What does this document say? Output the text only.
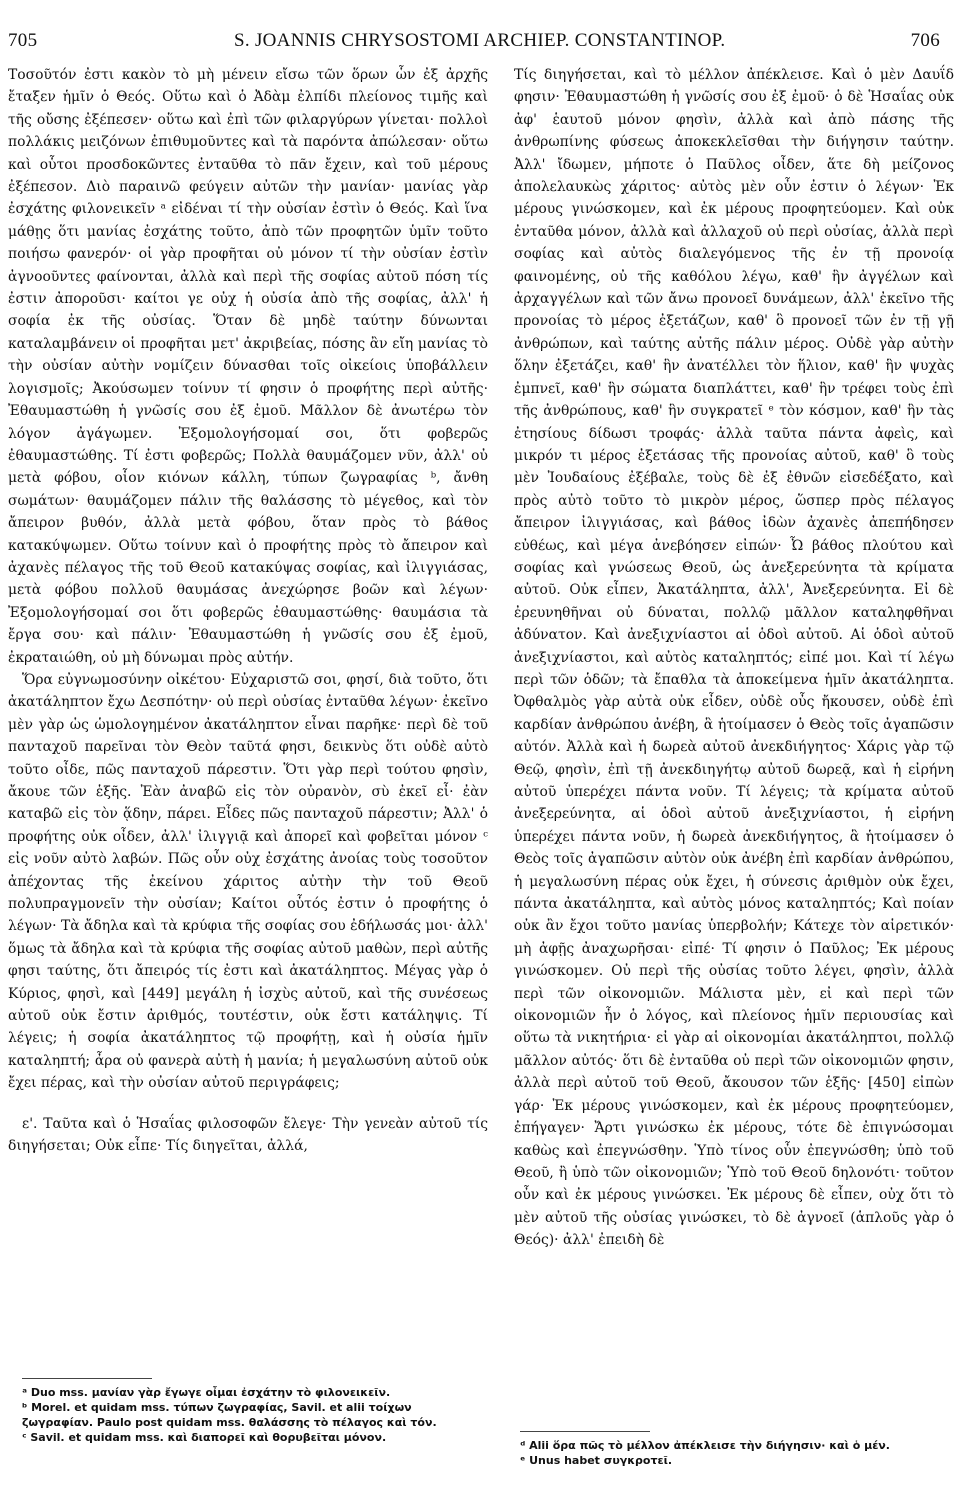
705	S. JOANNIS CHRYSOSTOMI ARCHIEP. CONSTANTINOP.	706

Τοσοῦτόν ἐστι κακὸν τὸ μὴ μένειν εἴσω τῶν ὅρων ὧν ἐξ ἀρχῆς ἔταξεν ἡμῖν ὁ Θεός. Οὕτω καὶ ὁ Ἀδὰμ ἐλπίδι πλείονος τιμῆς καὶ τῆς οὔσης ἐξέπεσεν· οὕτω καὶ ἐπὶ τῶν φιλαργύρων γίνεται· πολλοὶ πολλάκις μειζόνων ἐπιθυμοῦντες καὶ τὰ παρόντα ἀπώλεσαν· οὕτω καὶ οὗτοι προσδοκῶντες ἐνταῦθα τὸ πᾶν ἔχειν, καὶ τοῦ μέρους ἐξέπεσον. Διὸ παραινῶ φεύγειν αὐτῶν τὴν μανίαν· μανίας γὰρ ἐσχάτης φιλονεικεῖν ᵃ εἰδέναι τί τὴν οὐσίαν ἐστὶν ὁ Θεός. Καὶ ἵνα μάθῃς ὅτι μανίας ἐσχάτης τοῦτο, ἀπὸ τῶν προφητῶν ὑμῖν τοῦτο ποιήσω φανερόν· οἱ γὰρ προφῆται οὐ μόνον τί τὴν οὐσίαν ἐστὶν ἀγνοοῦντες φαίνονται, ἀλλὰ καὶ περὶ τῆς σοφίας αὐτοῦ πόση τίς ἐστιν ἀποροῦσι· καίτοι γε οὐχ ἡ οὐσία ἀπὸ τῆς σοφίας, ἀλλ' ἡ σοφία ἐκ τῆς οὐσίας. Ὅταν δὲ μηδὲ ταύτην δύνωνται καταλαμβάνειν οἱ προφῆται μετ' ἀκριβείας, πόσης ἂν εἴη μανίας τὸ τὴν οὐσίαν αὐτὴν νομίζειν δύνασθαι τοῖς οἰκείοις ὑποβάλλειν λογισμοῖς; Ἀκούσωμεν τοίνυν τί φησιν ὁ προφήτης περὶ αὐτῆς· Ἐθαυμαστώθη ἡ γνῶσίς σου ἐξ ἐμοῦ. Μᾶλλον δὲ ἀνωτέρω τὸν λόγον ἀγάγωμεν. Ἐξομολογήσομαί σοι, ὅτι φοβερῶς ἐθαυμαστώθης. Τί ἐστι φοβερῶς; Πολλὰ θαυμάζομεν νῦν, ἀλλ' οὐ μετὰ φόβου, οἷον κιόνων κάλλη, τύπων ζωγραφίας ᵇ, ἄνθη σωμάτων· θαυμάζομεν πάλιν τῆς θαλάσσης τὸ μέγεθος, καὶ τὸν ἄπειρον βυθόν, ἀλλὰ μετὰ φόβου, ὅταν πρὸς τὸ βάθος κατακύψωμεν. Οὕτω τοίνυν καὶ ὁ προφήτης πρὸς τὸ ἄπειρον καὶ ἀχανὲς πέλαγος τῆς τοῦ Θεοῦ κατακύψας σοφίας, καὶ ἰλιγγιάσας, μετὰ φόβου πολλοῦ θαυμάσας ἀνεχώρησε βοῶν καὶ λέγων· Ἐξομολογήσομαί σοι ὅτι φοβερῶς ἐθαυμαστώθης· θαυμάσια τὰ ἔργα σου· καὶ πάλιν· Ἐθαυμαστώθη ἡ γνῶσίς σου ἐξ ἐμοῦ, ἐκραταιώθη, οὐ μὴ δύνωμαι πρὸς αὐτήν.

Ὅρα εὐγνωμοσύνην οἰκέτου· Εὐχαριστῶ σοι, φησί, διὰ τοῦτο, ὅτι ἀκατάληπτον ἔχω Δεσπότην· οὐ περὶ οὐσίας ἐνταῦθα λέγων· ἐκεῖνο μὲν γὰρ ὡς ὡμολογημένον ἀκατάληπτον εἶναι παρῆκε· περὶ δὲ τοῦ πανταχοῦ παρεῖναι τὸν Θεὸν ταῦτά φησι, δεικνὺς ὅτι οὐδὲ αὐτὸ τοῦτο οἶδε, πῶς πανταχοῦ πάρεστιν. Ὅτι γὰρ περὶ τούτου φησὶν, ἄκουε τῶν ἑξῆς. Ἐὰν ἀναβῶ εἰς τὸν οὐρανὸν, σὺ ἐκεῖ εἶ· ἐὰν καταβῶ εἰς τὸν ᾅδην, πάρει. Εἶδες πῶς πανταχοῦ πάρεστιν; Ἀλλ' ὁ προφήτης οὐκ οἶδεν, ἀλλ' ἰλιγγιᾷ καὶ ἀπορεῖ καὶ φοβεῖται μόνον ᶜ εἰς νοῦν αὐτὸ λαβών. Πῶς οὖν οὐχ ἐσχάτης ἀνοίας τοὺς τοσοῦτον ἀπέχοντας τῆς ἐκείνου χάριτος αὐτὴν τὴν τοῦ Θεοῦ πολυπραγμονεῖν τὴν οὐσίαν; Καίτοι οὗτός ἐστιν ὁ προφήτης ὁ λέγων· Τὰ ἄδηλα καὶ τὰ κρύφια τῆς σοφίας σου ἐδήλωσάς μοι· ἀλλ' ὅμως τὰ ἄδηλα καὶ τὰ κρύφια τῆς σοφίας αὐτοῦ μαθὼν, περὶ αὐτῆς φησι ταύτης, ὅτι ἄπειρός τίς ἐστι καὶ ἀκατάληπτος. Μέγας γὰρ ὁ Κύριος, φησὶ, καὶ [449] μεγάλη ἡ ἰσχὺς αὐτοῦ, καὶ τῆς συνέσεως αὐτοῦ οὐκ ἔστιν ἀριθμός, τουτέστιν, οὐκ ἔστι κατάληψις. Τί λέγεις; ἡ σοφία ἀκατάληπτος τῷ προφήτῃ, καὶ ἡ οὐσία ἡμῖν καταληπτή; ἆρα οὐ φανερὰ αὐτὴ ἡ μανία; ἡ μεγαλωσύνη αὐτοῦ οὐκ ἔχει πέρας, καὶ τὴν οὐσίαν αὐτοῦ περιγράφεις;

ε'. Ταῦτα καὶ ὁ Ἡσαΐας φιλοσοφῶν ἔλεγε· Τὴν γενεὰν αὐτοῦ τίς διηγήσεται; Οὐκ εἶπε· Τίς διηγεῖται, ἀλλά,

Τίς διηγήσεται, καὶ τὸ μέλλον ἀπέκλεισε. Καὶ ὁ μὲν Δαυΐδ φησιν· Ἐθαυμαστώθη ἡ γνῶσίς σου ἐξ ἐμοῦ· ὁ δὲ Ἡσαΐας οὐκ ἀφ' ἑαυτοῦ μόνον φησὶν, ἀλλὰ καὶ ἀπὸ πάσης τῆς ἀνθρωπίνης φύσεως ἀποκεκλεῖσθαι τὴν διήγησιν ταύτην. Ἀλλ' ἴδωμεν, μήποτε ὁ Παῦλος οἶδεν, ἅτε δὴ μείζονος ἀπολελαυκὼς χάριτος· αὐτὸς μὲν οὖν ἐστιν ὁ λέγων· Ἐκ μέρους γινώσκομεν, καὶ ἐκ μέρους προφητεύομεν. Καὶ οὐκ ἐνταῦθα μόνον, ἀλλὰ καὶ ἀλλαχοῦ οὐ περὶ οὐσίας, ἀλλὰ περὶ σοφίας καὶ αὐτὸς διαλεγόμενος τῆς ἐν τῇ προνοίᾳ φαινομένης, οὐ τῆς καθόλου λέγω, καθ' ἣν ἀγγέλων καὶ ἀρχαγγέλων καὶ τῶν ἄνω προνοεῖ δυνάμεων, ἀλλ' ἐκεῖνο τῆς προνοίας τὸ μέρος ἐξετάζων, καθ' ὃ προνοεῖ τῶν ἐν τῇ γῇ ἀνθρώπων, καὶ ταύτης αὐτῆς πάλιν μέρος. Οὐδὲ γὰρ αὐτὴν ὅλην ἐξετάζει, καθ' ἣν ἀνατέλλει τὸν ἥλιον, καθ' ἣν ψυχὰς ἐμπνεῖ, καθ' ἣν σώματα διαπλάττει, καθ' ἣν τρέφει τοὺς ἐπὶ τῆς ἀνθρώπους, καθ' ἣν συγκρατεῖ ᵉ τὸν κόσμον, καθ' ἣν τὰς ἐτησίους δίδωσι τροφάς· ἀλλὰ ταῦτα πάντα ἀφεὶς, καὶ μικρόν τι μέρος ἐξετάσας τῆς προνοίας αὐτοῦ, καθ' ὃ τοὺς μὲν Ἰουδαίους ἐξέβαλε, τοὺς δὲ ἐξ ἐθνῶν εἰσεδέξατο, καὶ πρὸς αὐτὸ τοῦτο τὸ μικρὸν μέρος, ὥσπερ πρὸς πέλαγος ἄπειρον ἰλιγγιάσας, καὶ βάθος ἰδὼν ἀχανὲς ἀπεπήδησεν εὐθέως, καὶ μέγα ἀνεβόησεν εἰπών· Ὦ βάθος πλούτου καὶ σοφίας καὶ γνώσεως Θεοῦ, ὡς ἀνεξερεύνητα τὰ κρίματα αὐτοῦ. Οὐκ εἶπεν, Ἀκατάληπτα, ἀλλ', Ἀνεξερεύνητα. Εἰ δὲ ἐρευνηθῆναι οὐ δύναται, πολλῷ μᾶλλον καταληφθῆναι ἀδύνατον. Καὶ ἀνεξιχνίαστοι αἱ ὁδοὶ αὐτοῦ. Αἱ ὁδοὶ αὐτοῦ ἀνεξιχνίαστοι, καὶ αὐτὸς καταληπτός; εἰπέ μοι. Καὶ τί λέγω περὶ τῶν ὁδῶν; τὰ ἔπαθλα τὰ ἀποκείμενα ἡμῖν ἀκατάληπτα. Ὀφθαλμὸς γὰρ αὐτὰ οὐκ εἶδεν, οὐδὲ οὖς ἤκουσεν, οὐδὲ ἐπὶ καρδίαν ἀνθρώπου ἀνέβη, ἃ ἡτοίμασεν ὁ Θεὸς τοῖς ἀγαπῶσιν αὐτόν. Ἀλλὰ καὶ ἡ δωρεὰ αὐτοῦ ἀνεκδιήγητος· Χάρις γὰρ τῷ Θεῷ, φησὶν, ἐπὶ τῇ ἀνεκδιηγήτῳ αὐτοῦ δωρεᾷ, καὶ ἡ εἰρήνη αὐτοῦ ὑπερέχει πάντα νοῦν. Τί λέγεις; τὰ κρίματα αὐτοῦ ἀνεξερεύνητα, αἱ ὁδοὶ αὐτοῦ ἀνεξιχνίαστοι, ἡ εἰρήνη ὑπερέχει πάντα νοῦν, ἡ δωρεὰ ἀνεκδιήγητος, ἃ ἡτοίμασεν ὁ Θεὸς τοῖς ἀγαπῶσιν αὐτὸν οὐκ ἀνέβη ἐπὶ καρδίαν ἀνθρώπου, ἡ μεγαλωσύνη πέρας οὐκ ἔχει, ἡ σύνεσις ἀριθμὸν οὐκ ἔχει, πάντα ἀκατάληπτα, καὶ αὐτὸς μόνος καταληπτός; Καὶ ποίαν οὐκ ἂν ἔχοι τοῦτο μανίας ὑπερβολήν; Κάτεχε τὸν αἱρετικόν· μὴ ἀφῇς ἀναχωρῆσαι· εἰπέ· Τί φησιν ὁ Παῦλος; Ἐκ μέρους γινώσκομεν. Οὐ περὶ τῆς οὐσίας τοῦτο λέγει, φησὶν, ἀλλὰ περὶ τῶν οἰκονομιῶν. Μάλιστα μὲν, εἰ καὶ περὶ τῶν οἰκονομιῶν ἦν ὁ λόγος, καὶ πλείονος ἡμῖν περιουσίας καὶ οὕτω τὰ νικητήρια· εἰ γὰρ αἱ οἰκονομίαι ἀκατάληπτοι, πολλῷ μᾶλλον αὐτός· ὅτι δὲ ἐνταῦθα οὐ περὶ τῶν οἰκονομιῶν φησιν, ἀλλὰ περὶ αὐτοῦ τοῦ Θεοῦ, ἄκουσον τῶν ἑξῆς· [450] εἰπὼν γάρ· Ἐκ μέρους γινώσκομεν, καὶ ἐκ μέρους προφητεύομεν, ἐπήγαγεν· Ἄρτι γινώσκω ἐκ μέρους, τότε δὲ ἐπιγνώσομαι καθὼς καὶ ἐπεγνώσθην. Ὑπὸ τίνος οὖν ἐπεγνώσθη; ὑπὸ τοῦ Θεοῦ, ἢ ὑπὸ τῶν οἰκονομιῶν; Ὑπὸ τοῦ Θεοῦ δηλονότι· τοῦτον οὖν καὶ ἐκ μέρους γινώσκει. Ἐκ μέρους δὲ εἶπεν, οὐχ ὅτι τὸ μὲν αὐτοῦ τῆς οὐσίας γινώσκει, τὸ δὲ ἀγνοεῖ (ἁπλοῦς γὰρ ὁ Θεός)· ἀλλ' ἐπειδὴ δὲ

ᵃ Duo mss. μανίαν γὰρ ἔγωγε οἶμαι ἐσχάτην τὸ φιλονεικεῖν.

ᵇ Morel. et quidam mss. τύπων ζωγραφίας, Savil. et alii τοίχων ζωγραφίαν. Paulo post quidam mss. θαλάσσης τὸ πέλαγος καὶ τόν.

ᶜ Savil. et quidam mss. καὶ διαπορεῖ καὶ θορυβεῖται μόνον.

ᵈ Alii ὅρα πῶς τὸ μέλλον ἀπέκλεισε τὴν διήγησιν· καὶ ὁ μέν.

ᵉ Unus habet συγκροτεῖ.
